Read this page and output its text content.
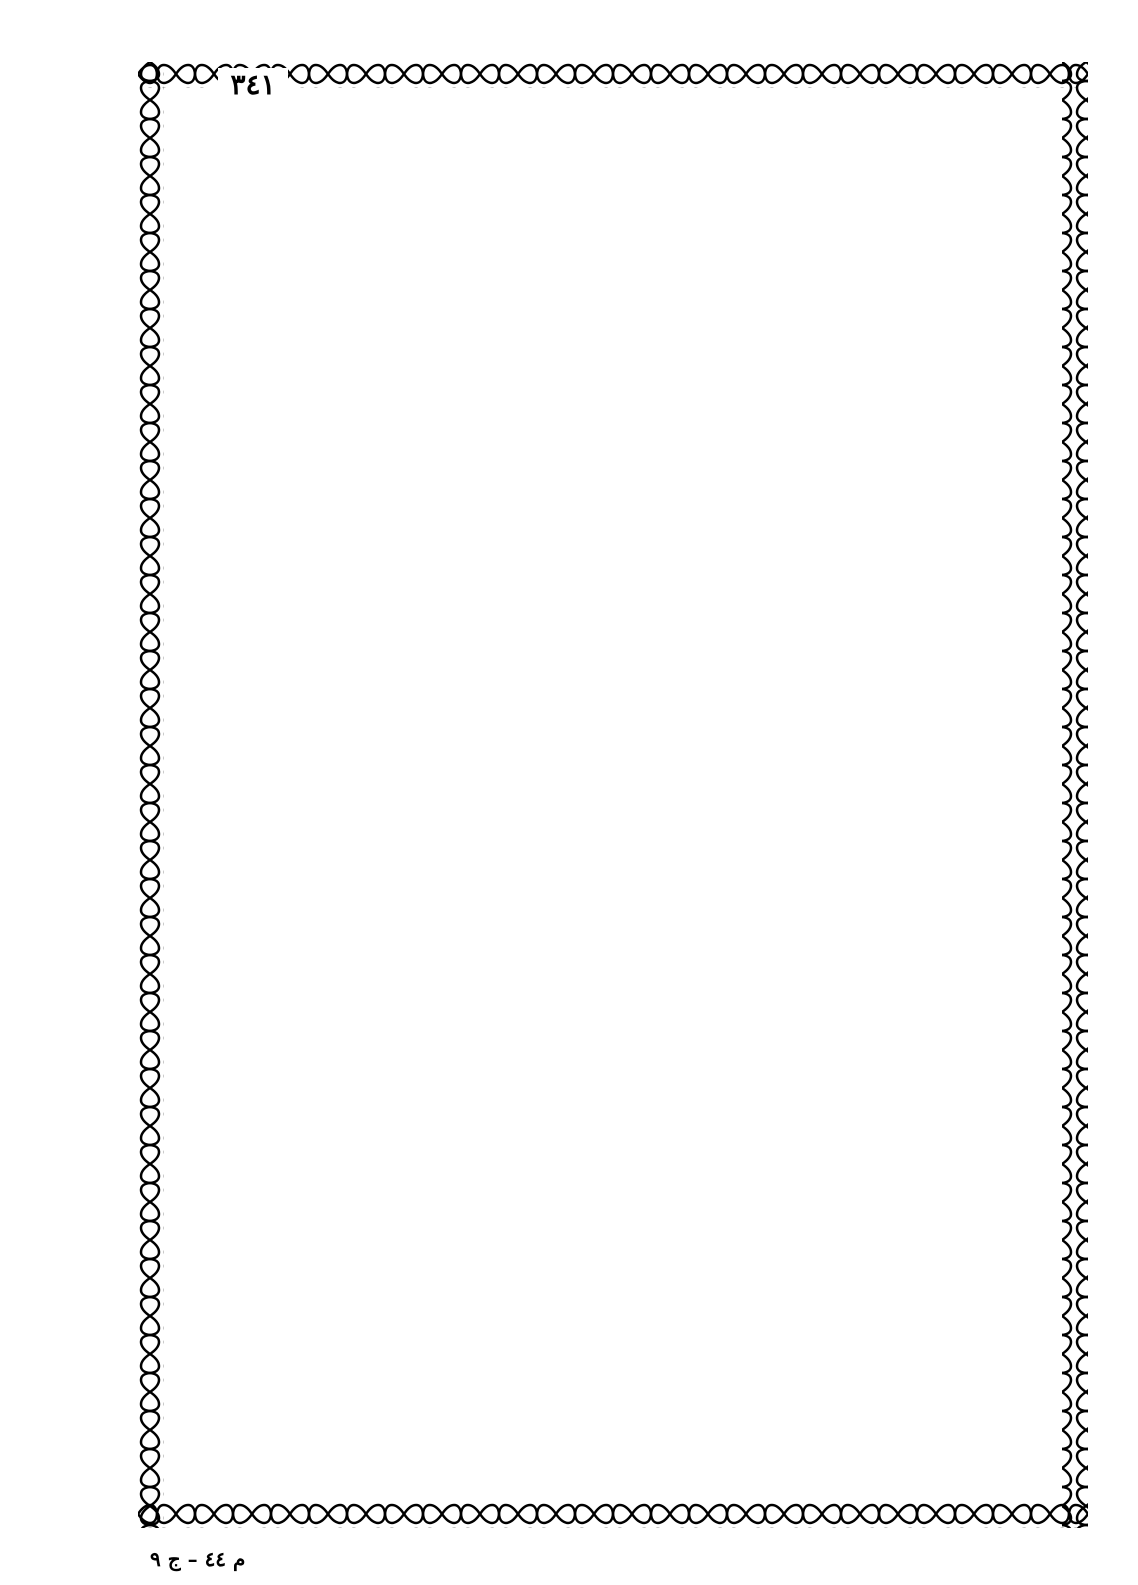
٣٤١
م ٤٤ – ج ٩
